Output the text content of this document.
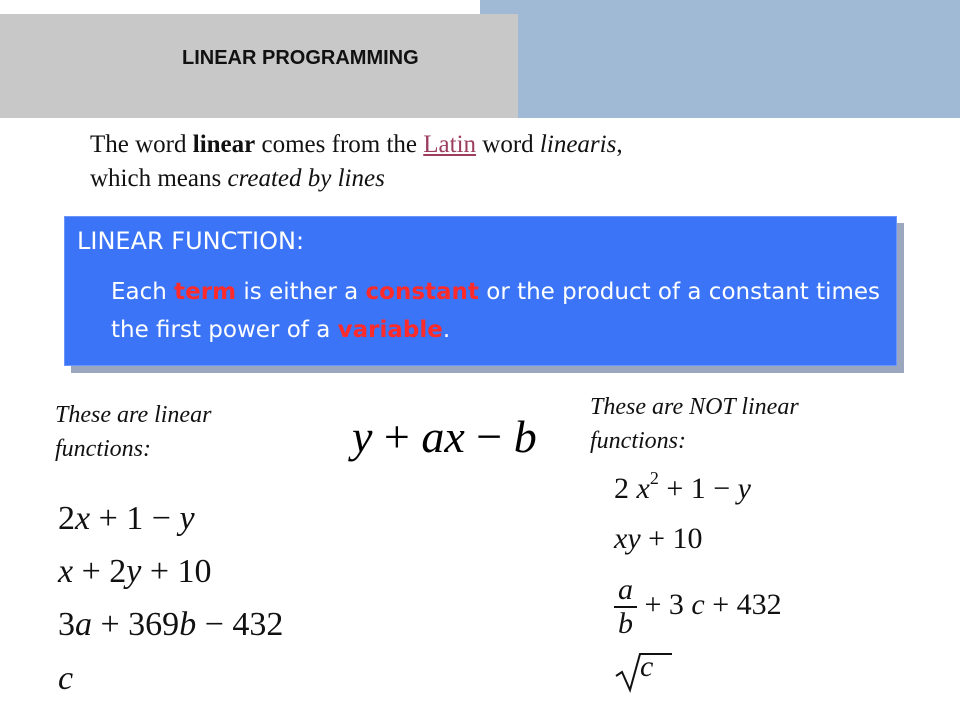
LINEAR PROGRAMMING
The word linear comes from the Latin word linearis,
which means created by lines
LINEAR FUNCTION:
Each term is either a constant or the product of a constant times the first power of a variable.
These are linear
functions:
These are NOT linear
functions:
y + ax − b
2x + 1 − y
x + 2y + 10
3a + 369b − 432
c
2 $x^2 + 1 - y$
xy + 10
$\frac{a}{b} + 3$ c + 432
c
